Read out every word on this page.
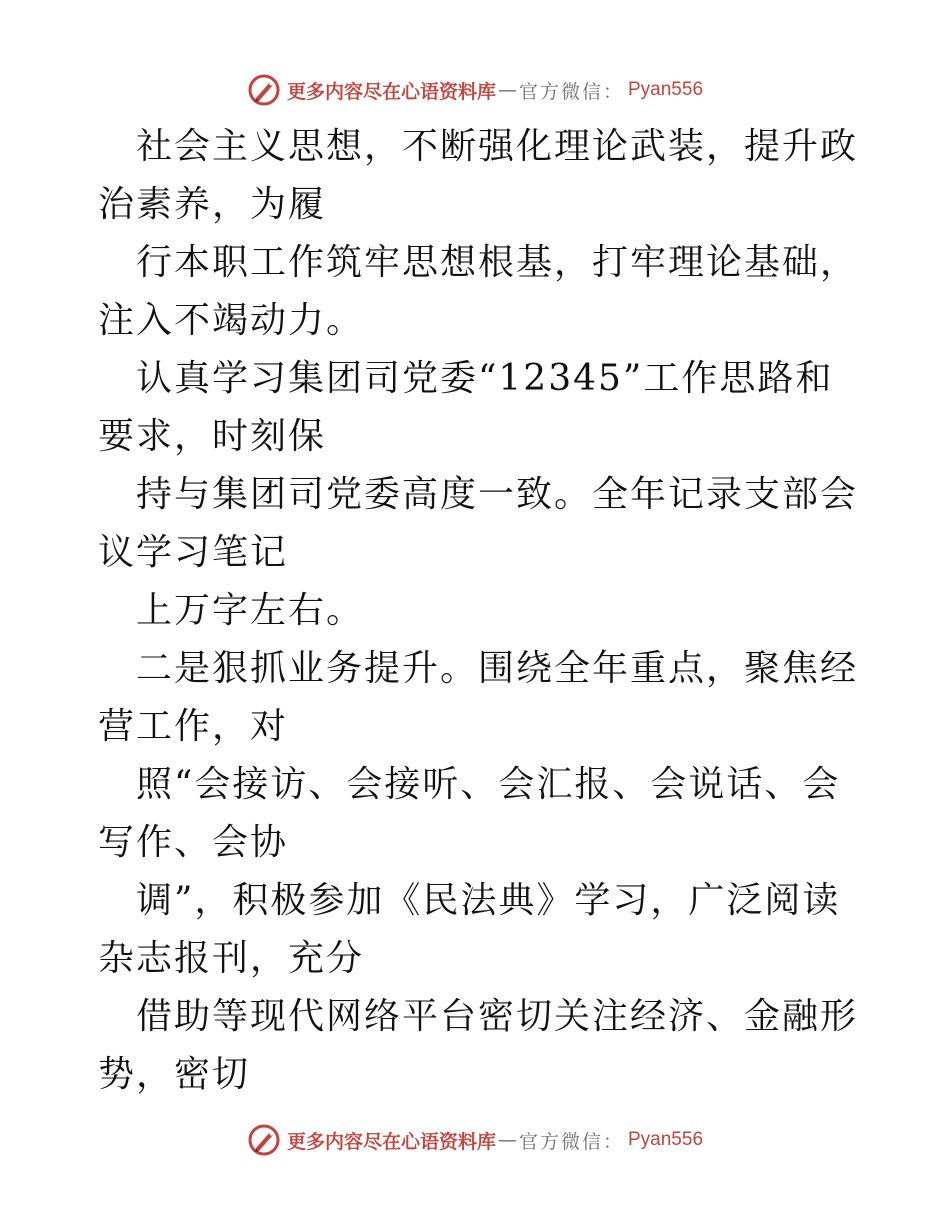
更多内容尽在心语资料库 — 官方微信： Pyan556

社会主义思想，不断强化理论武装，提升政治素养，为履

行本职工作筑牢思想根基，打牢理论基础，注入不竭动力。

认真学习集团司党委“12345”工作思路和要求，时刻保

持与集团司党委高度一致。全年记录支部会议学习笔记

上万字左右。

二是狠抓业务提升。围绕全年重点，聚焦经营工作，对

照“会接访、会接听、会汇报、会说话、会写作、会协

调”，积极参加《民法典》学习，广泛阅读杂志报刊，充分

借助等现代网络平台密切关注经济、金融形势，密切

更多内容尽在心语资料库 — 官方微信： Pyan556
